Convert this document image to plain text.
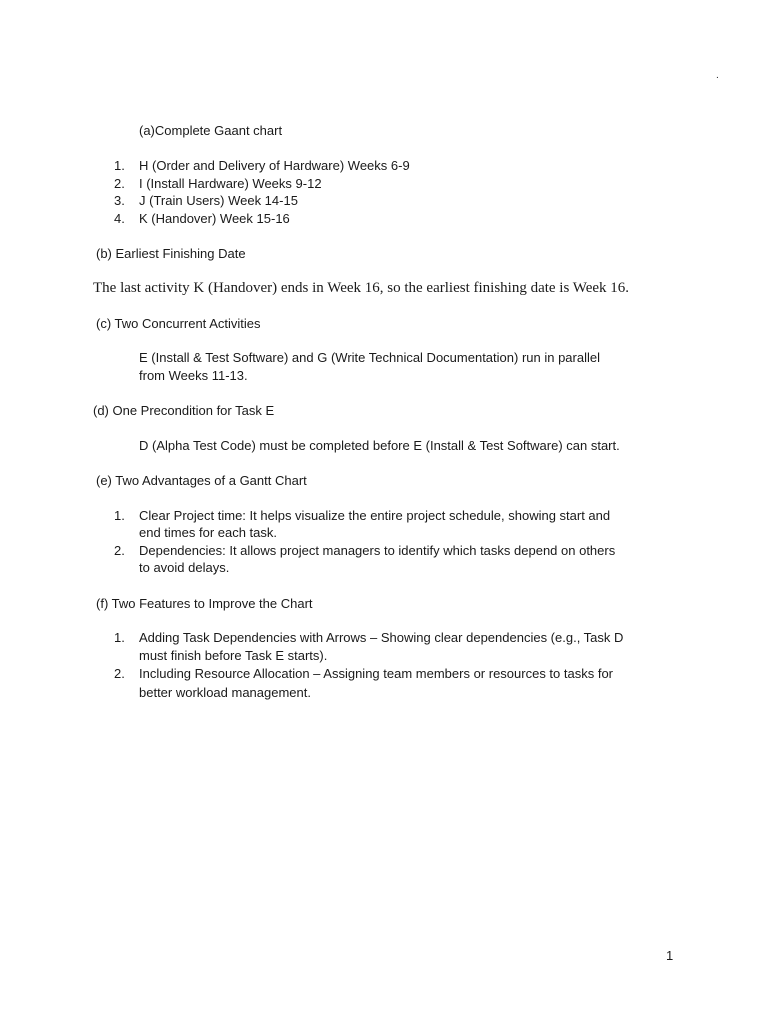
.
(a)Complete Gaant chart
1. H (Order and Delivery of Hardware) Weeks 6-9
2. I (Install Hardware) Weeks 9-12
3. J (Train Users) Week 14-15
4. K (Handover) Week 15-16
(b) Earliest Finishing Date
The last activity K (Handover) ends in Week 16, so the earliest finishing date is Week 16.
(c) Two Concurrent Activities
E (Install & Test Software) and G (Write Technical Documentation) run in parallel
from Weeks 11-13.
(d) One Precondition for Task E
D (Alpha Test Code) must be completed before E (Install & Test Software) can start.
(e) Two Advantages of a Gantt Chart
1. Clear Project time: It helps visualize the entire project schedule, showing start and
end times for each task.
2. Dependencies: It allows project managers to identify which tasks depend on others
to avoid delays.
(f) Two Features to Improve the Chart
1. Adding Task Dependencies with Arrows – Showing clear dependencies (e.g., Task D
must finish before Task E starts).
2. Including Resource Allocation – Assigning team members or resources to tasks for
better workload management.
1
